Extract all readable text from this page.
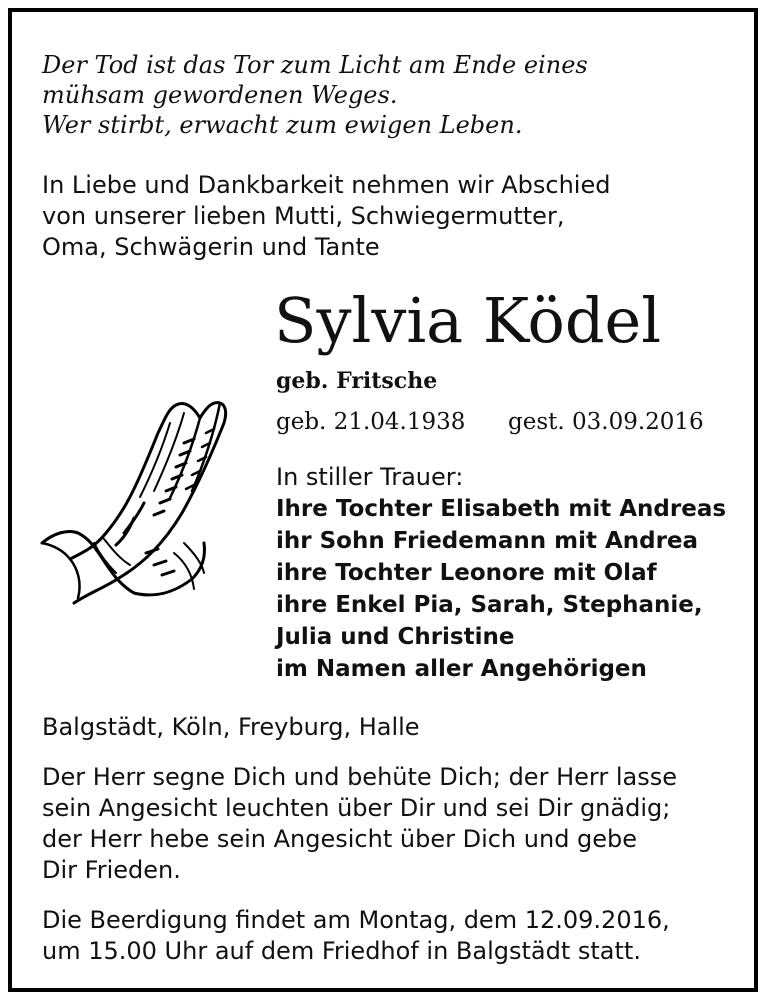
Der Tod ist das Tor zum Licht am Ende eines

mühsam gewordenen Weges.

Wer stirbt, erwacht zum ewigen Leben.

In Liebe und Dankbarkeit nehmen wir Abschied

von unserer lieben Mutti, Schwiegermutter,

Oma, Schwägerin und Tante

Sylvia Ködel

geb. Fritsche

geb. 21.04.1938 gest. 03.09.2016

In stiller Trauer:

Ihre Tochter Elisabeth mit Andreas

ihr Sohn Friedemann mit Andrea

ihre Tochter Leonore mit Olaf

ihre Enkel Pia, Sarah, Stephanie,

Julia und Christine

im Namen aller Angehörigen

Balgstädt, Köln, Freyburg, Halle

Der Herr segne Dich und behüte Dich; der Herr lasse

sein Angesicht leuchten über Dir und sei Dir gnädig;

der Herr hebe sein Angesicht über Dich und gebe

Dir Frieden.

Die Beerdigung findet am Montag, dem 12.09.2016,

um 15.00 Uhr auf dem Friedhof in Balgstädt statt.
